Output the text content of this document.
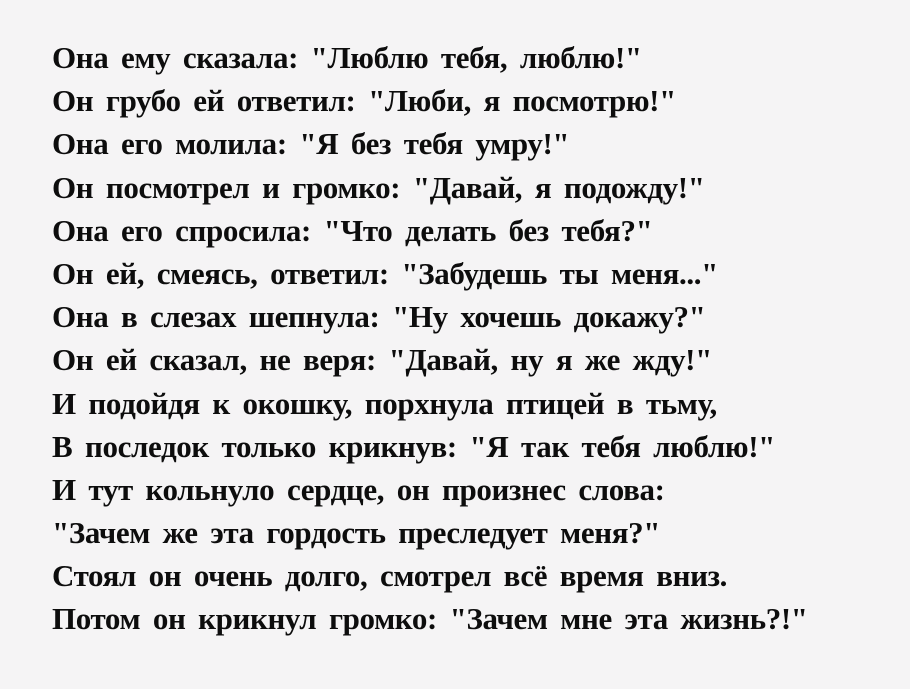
Она ему сказала: "Люблю тебя, люблю!"
Он грубо ей ответил: "Люби, я посмотрю!"
Она его молила: "Я без тебя умру!"
Он посмотрел и громко: "Давай, я подожду!"
Она его спросила: "Что делать без тебя?"
Он ей, смеясь, ответил: "Забудешь ты меня..."
Она в слезах шепнула: "Ну хочешь докажу?"
Он ей сказал, не веря: "Давай, ну я же жду!"
И подойдя к окошку, порхнула птицей в тьму,
В последок только крикнув: "Я так тебя люблю!"
И тут кольнуло сердце, он произнес слова:
"Зачем же эта гордость преследует меня?"
Стоял он очень долго, смотрел всё время вниз.
Потом он крикнул громко: "Зачем мне эта жизнь?!"
